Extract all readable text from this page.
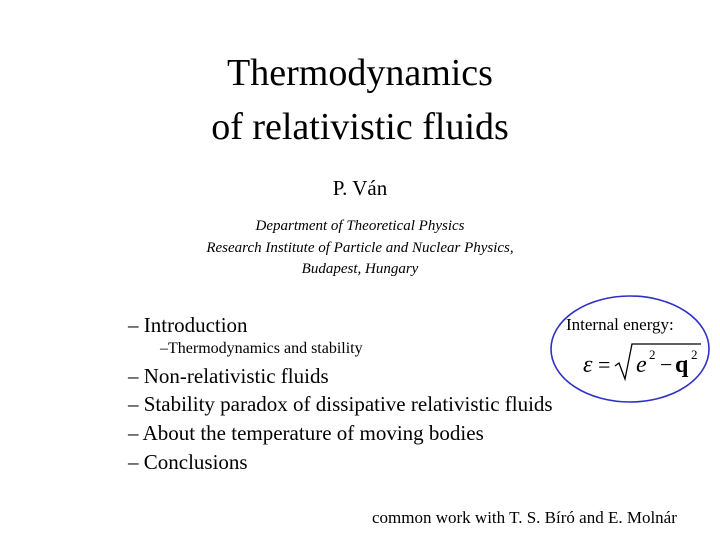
Thermodynamics
of relativistic fluids
P. Ván
Department of Theoretical Physics
Research Institute of Particle and Nuclear Physics,
Budapest, Hungary
– Introduction
–Thermodynamics and stability
– Non-relativistic fluids
– Stability paradox of dissipative relativistic fluids
– About the temperature of moving bodies
– Conclusions
Internal energy:
ε = e 2 − q 2
common work with T. S. Bíró and E. Molnár
